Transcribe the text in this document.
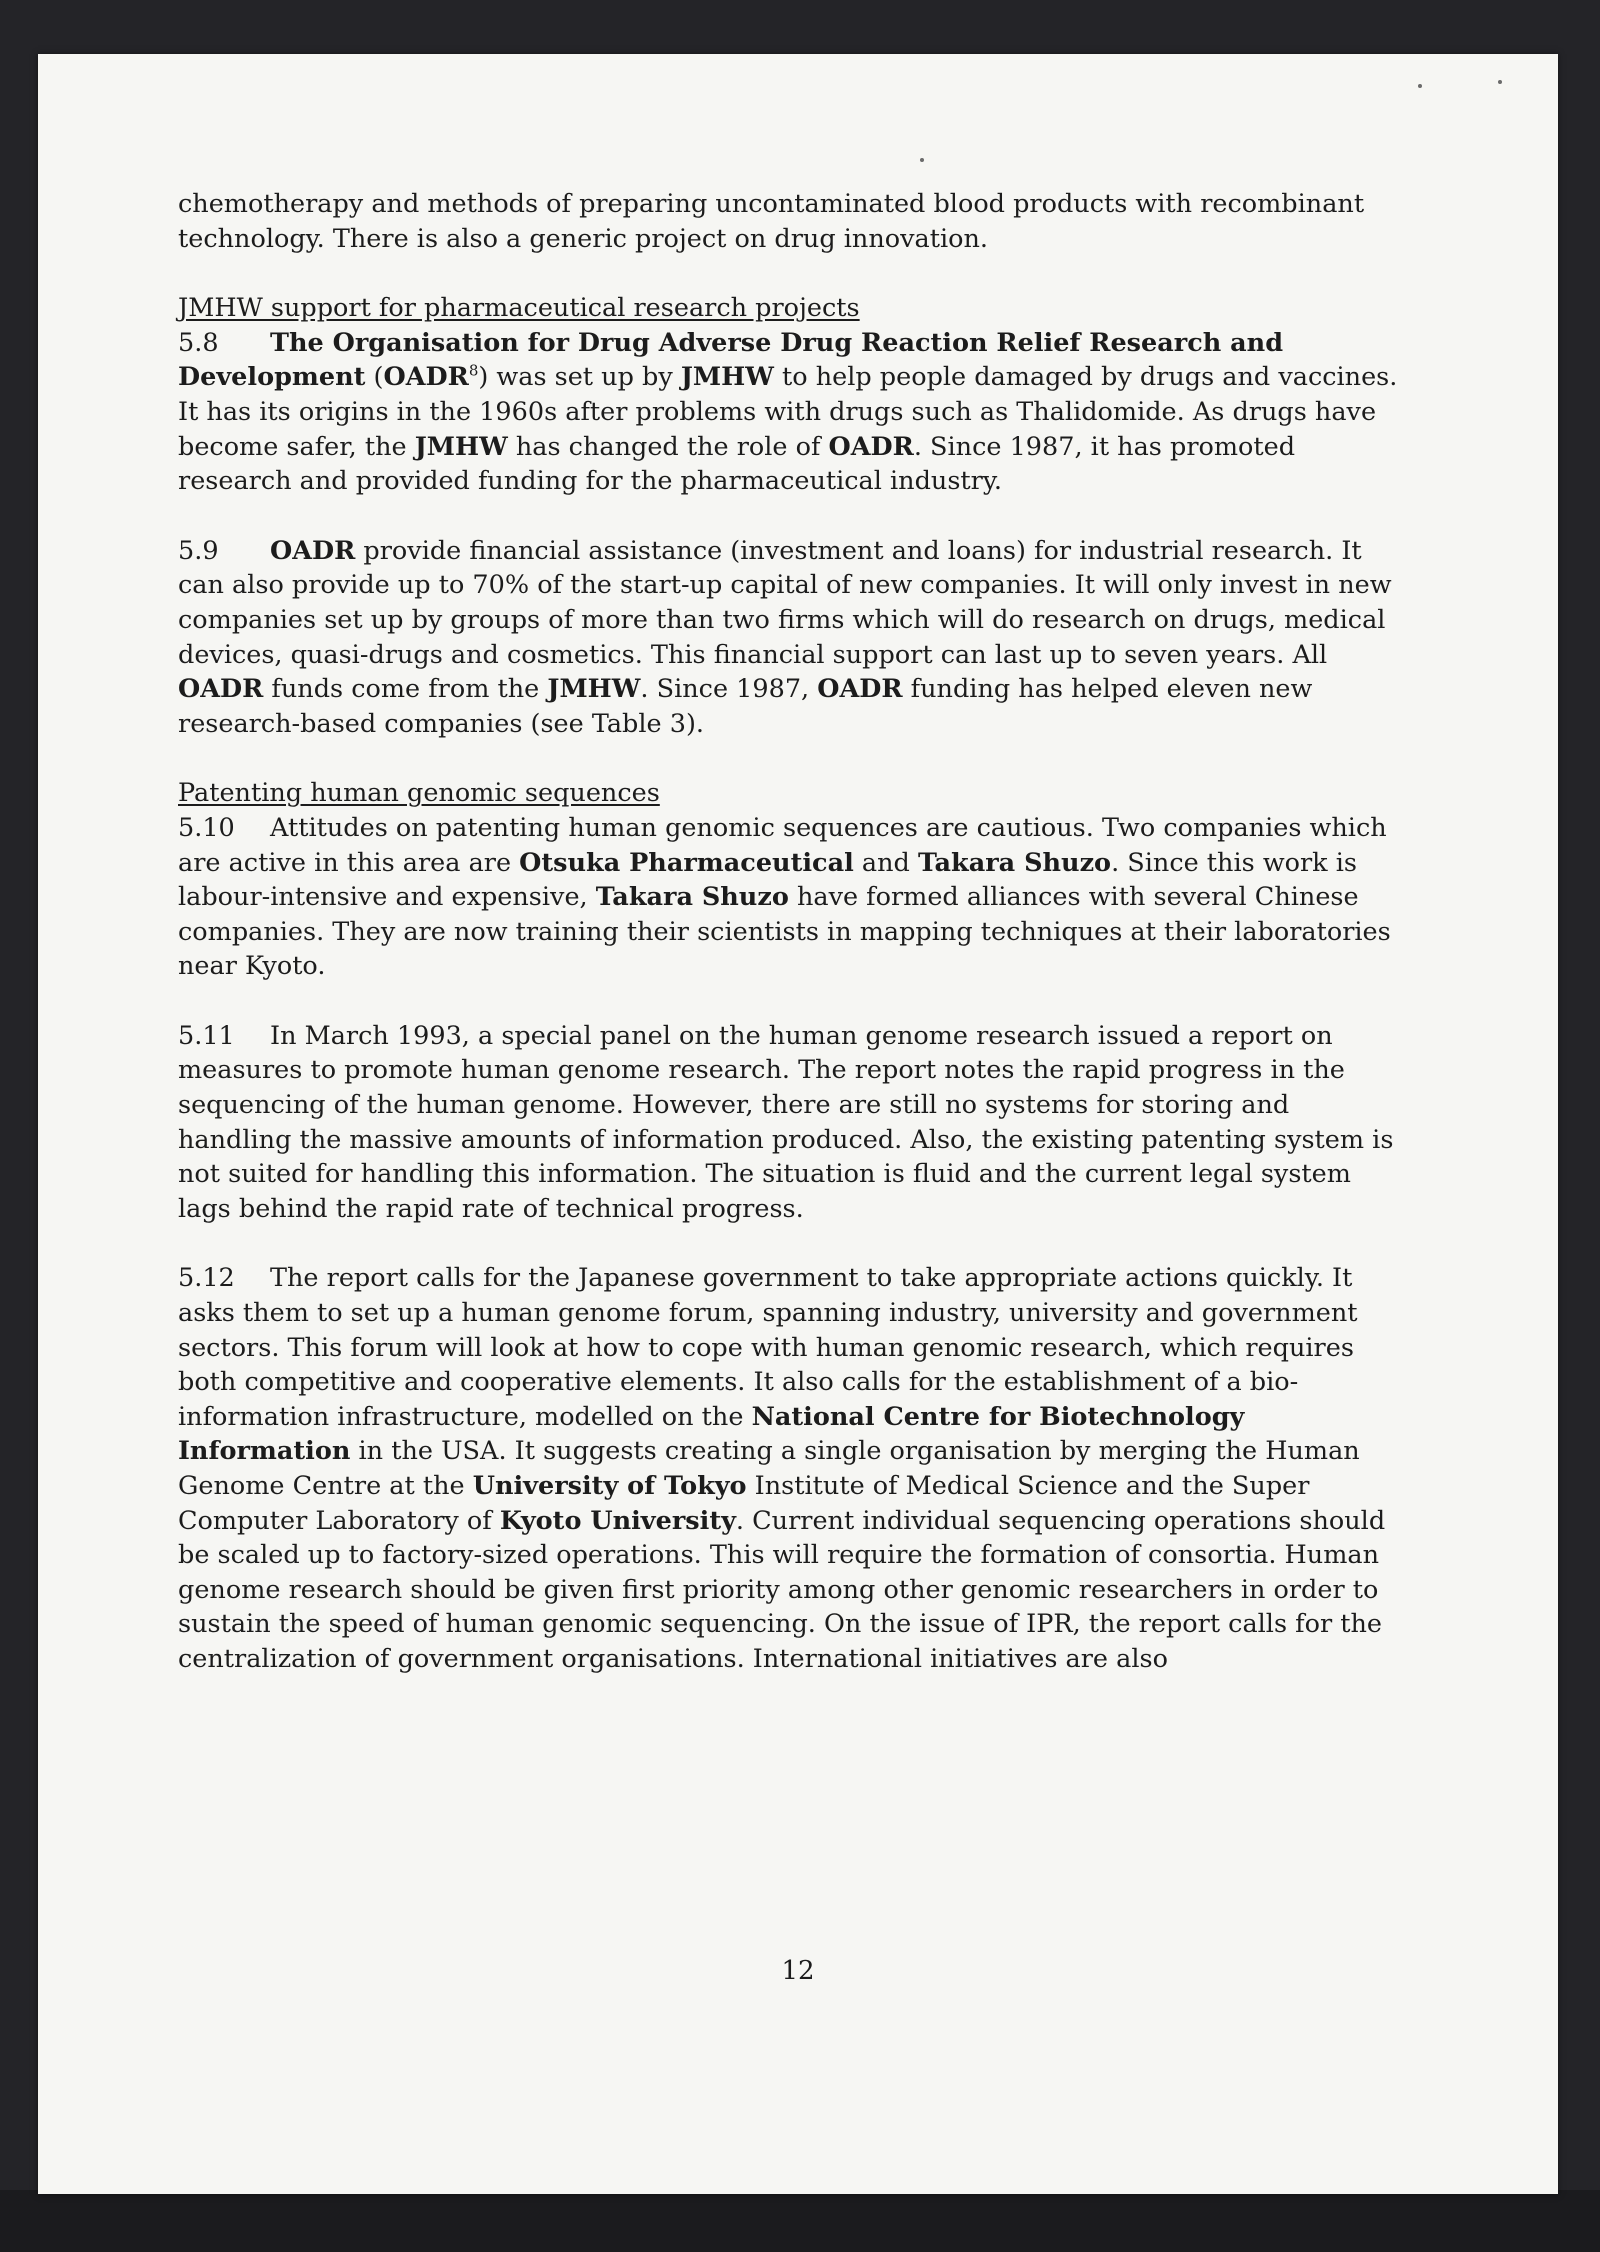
chemotherapy and methods of preparing uncontaminated blood products with recombinant technology. There is also a generic project on drug innovation.

JMHW support for pharmaceutical research projects

5.8 The Organisation for Drug Adverse Drug Reaction Relief Research and Development (OADR$^8$) was set up by JMHW to help people damaged by drugs and vaccines. It has its origins in the 1960s after problems with drugs such as Thalidomide. As drugs have become safer, the JMHW has changed the role of OADR. Since 1987, it has promoted research and provided funding for the pharmaceutical industry.

5.9 OADR provide financial assistance (investment and loans) for industrial research. It can also provide up to 70% of the start-up capital of new companies. It will only invest in new companies set up by groups of more than two firms which will do research on drugs, medical devices, quasi-drugs and cosmetics. This financial support can last up to seven years. All OADR funds come from the JMHW. Since 1987, OADR funding has helped eleven new research-based companies (see Table 3).

Patenting human genomic sequences

5.10 Attitudes on patenting human genomic sequences are cautious. Two companies which are active in this area are Otsuka Pharmaceutical and Takara Shuzo. Since this work is labour-intensive and expensive, Takara Shuzo have formed alliances with several Chinese companies. They are now training their scientists in mapping techniques at their laboratories near Kyoto.

5.11 In March 1993, a special panel on the human genome research issued a report on measures to promote human genome research. The report notes the rapid progress in the sequencing of the human genome. However, there are still no systems for storing and handling the massive amounts of information produced. Also, the existing patenting system is not suited for handling this information. The situation is fluid and the current legal system lags behind the rapid rate of technical progress.

5.12 The report calls for the Japanese government to take appropriate actions quickly. It asks them to set up a human genome forum, spanning industry, university and government sectors. This forum will look at how to cope with human genomic research, which requires both competitive and cooperative elements. It also calls for the establishment of a bio-information infrastructure, modelled on the National Centre for Biotechnology Information in the USA. It suggests creating a single organisation by merging the Human Genome Centre at the University of Tokyo Institute of Medical Science and the Super Computer Laboratory of Kyoto University. Current individual sequencing operations should be scaled up to factory-sized operations. This will require the formation of consortia. Human genome research should be given first priority among other genomic researchers in order to sustain the speed of human genomic sequencing. On the issue of IPR, the report calls for the centralization of government organisations. International initiatives are also

12
